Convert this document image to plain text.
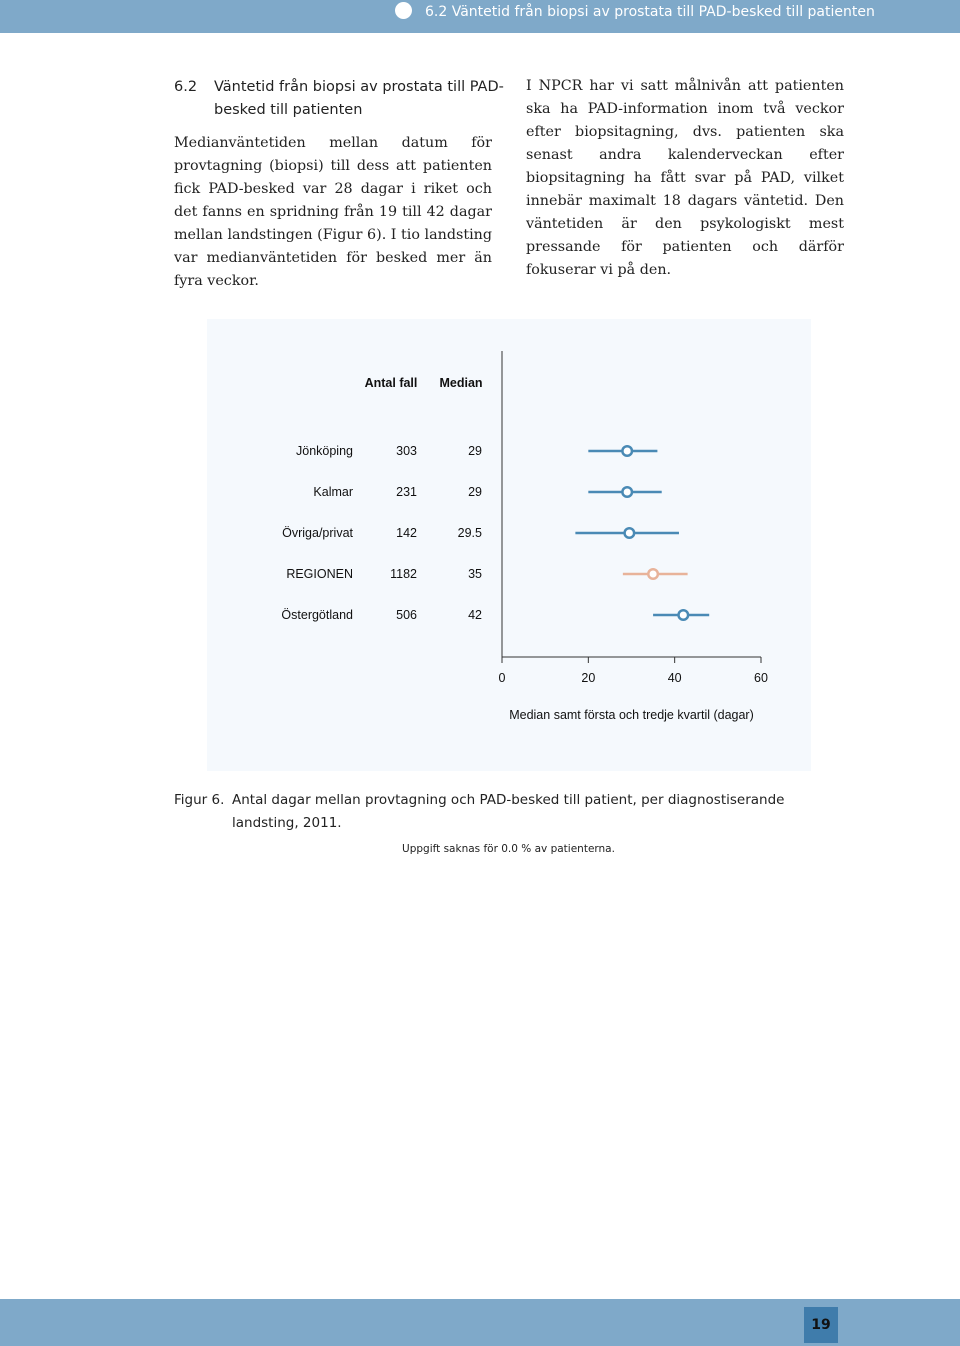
6.2 Väntetid från biopsi av prostata till PAD-besked till patienten
6.2	Väntetid från biopsi av prostata till PAD-besked till patienten
Medianväntetiden mellan datum för provtagning (biopsi) till dess att patienten fick PAD-besked var 28 dagar i riket och det fanns en spridning från 19 till 42 dagar mellan landstingen (Figur 6). I tio landsting var medianväntetiden för besked mer än fyra veckor.
I NPCR har vi satt målnivån att patienten ska ha PAD-information inom två veckor efter biopsitagning, dvs. patienten ska senast andra kalenderveckan efter biopsitagning ha fått svar på PAD, vilket innebär maximalt 18 dagars väntetid. Den väntetiden är den psykologiskt mest pressande för patienten och därför fokuserar vi på den.
Antal fall Median
0	20	40	60
Median samt första och tredje kvartil (dagar)
Jönköping	303	29
Kalmar	231	29
Övriga/privat	142	29.5
REGIONEN	1182	35
Östergötland	506	42
Figur 6. Antal dagar mellan provtagning och PAD-besked till patient, per diagnostiserande landsting, 2011.
Uppgift saknas för 0.0 % av patienterna.
19
